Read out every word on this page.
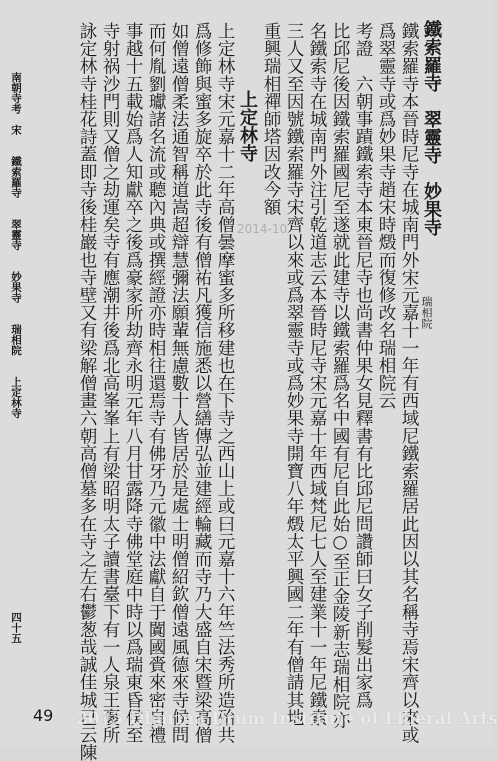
南朝寺考　宋　　鐵索羅寺　　翠靈寺　　妙果寺　　瑞相院　　上定林寺
四十五	鐵索羅寺本晉時尼寺在城南門外宋元嘉十一年有西域尼鐵索羅居此因以其名稱寺焉宋齊以來或
爲翠靈寺或爲妙果寺趙宋時燬而復修改名瑞相院云
考證　六朝事蹟鐵索寺本東晉尼寺也尚書仲果女見釋書有比邱尼問讚師曰女子削髮出家爲
比邱尼後因鐵索羅國尼至遂就此建寺以鐵索羅爲名中國有尼自此始○至正金陵新志瑞相院亦
名鐵索寺在城南門外注引乾道志云本晉時尼寺宋元嘉十年西域梵尼七人至建業十一年尼鐵索
三人又至因號鐵索羅寺宋齊以來或爲翠靈寺或爲妙果寺開寶八年燬太平興國二年有僧請其地
重興瑞相禪師塔因改今額
上定林寺
上定林寺宋元嘉十二年高僧曇摩蜜多所移建也在下寺之西山上或曰元嘉十六年竺法秀所造殆共
爲修飾與蜜多旋卒於此寺後有僧祐凡獲信施悉以營繕傳弘並建經輪藏而寺乃大盛自宋暨梁高僧
如僧遠僧柔法通智稱道嵩超辯慧彌法願輩無慮數十人皆居於是處士明僧紹欽僧遠風德來寺候問
而何胤劉瓛諸名流或聽內典或撰經證亦時相往還焉寺有佛牙乃元徽中法獻自于闐國賫來密自禮
事越十五載始爲人知獻卒之後爲豪家所劫齊永明元年八月甘露降寺佛堂庭中時以爲瑞東昏侯至
寺射祸沙門則又僧之劫運矣寺有應潮井後爲北高峯峯上有梁昭明太子讀書臺下有一人泉王褒所
詠定林寺桂花詩蓋即寺後桂巖也寺壁又有梁解僧畫六朝高僧墓多在寺之左右鬱葱哉誠佳城已云陳	鐵索羅寺　翠靈寺　妙果寺
瑞相院
2014-10
49 2015 Dharma Drum Institute of Liberal Arts
